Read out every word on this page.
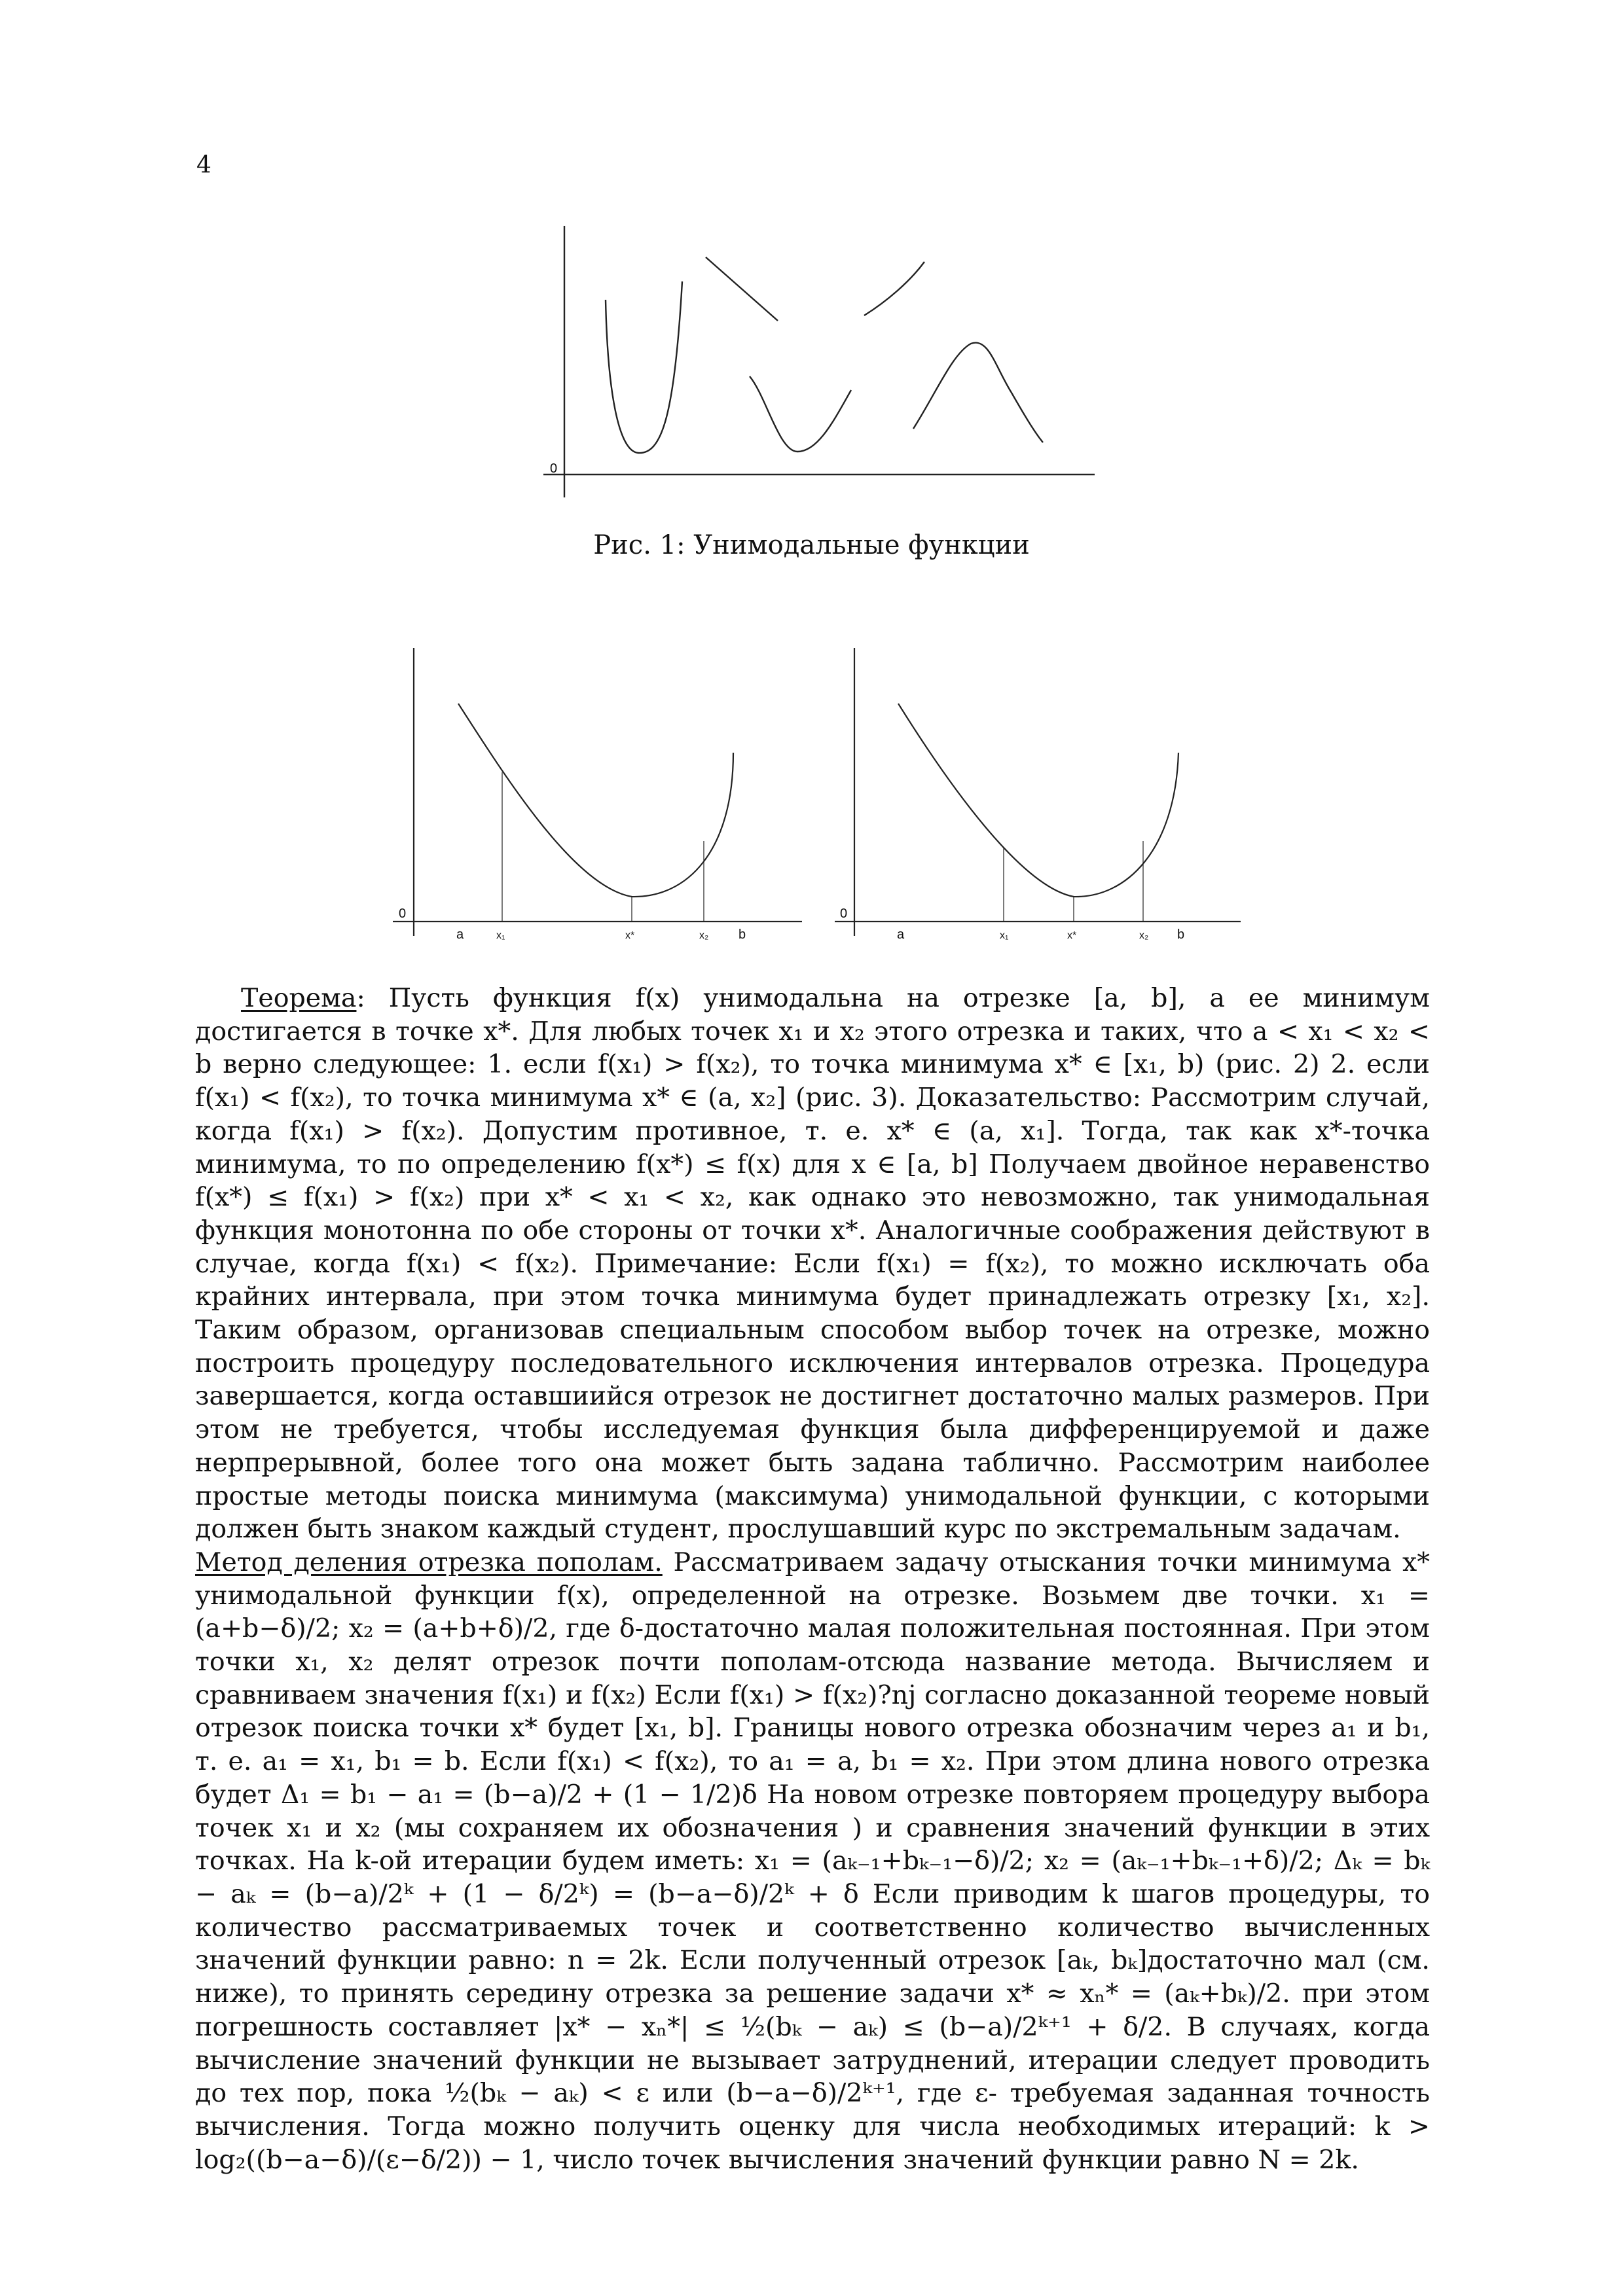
4
0
Рис. 1: Унимодальные функции
0
a	x₁	x*	x₂ b
0
a	x₁	x*	x₂ b

Теорема: Пусть функция f(x) унимодальна на отрезке [a, b], а ее минимум достигается в точке x*. Для любых точек x₁ и x₂ этого отрезка и таких, что a < x₁ < x₂ < b верно следующее: 1. если f(x₁) > f(x₂), то точка минимума x* ∈ [x₁, b) (рис. 2) 2. если f(x₁) < f(x₂), то точка минимума x* ∈ (a, x₂] (рис. 3). Доказательство: Рассмотрим случай, когда f(x₁) > f(x₂). Допустим противное, т. е. x* ∈ (a, x₁]. Тогда, так как x*-точка минимума, то по определению f(x*) ≤ f(x) для x ∈ [a, b] Получаем двойное неравенство f(x*) ≤ f(x₁) > f(x₂) при x* < x₁ < x₂, как однако это невозможно, так унимодальная функция монотонна по обе стороны от точки x*. Аналогичные соображения действуют в случае, когда f(x₁) < f(x₂). Примечание: Если f(x₁) = f(x₂), то можно исключать оба крайних интервала, при этом точка минимума будет принадлежать отрезку [x₁, x₂]. Таким образом, организовав специальным способом выбор точек на отрезке, можно построить процедуру последовательного исключения интервалов отрезка. Процедура завершается, когда оставшиийся отрезок не достигнет достаточно малых размеров. При этом не требуется, чтобы исследуемая функция была дифференцируемой и даже нерпрерывной, более того она может быть задана таблично. Рассмотрим наиболее простые методы поиска минимума (максимума) унимодальной функции, с которыми должен быть знаком каждый студент, прослушавший курс по экстремальным задачам.

Метод деления отрезка пополам. Рассматриваем задачу отыскания точки минимума x* унимодальной функции f(x), определенной на отрезке. Возьмем две точки. x₁ = (a+b−δ)/2; x₂ = (a+b+δ)/2, где δ-достаточно малая положительная постоянная. При этом точки x₁, x₂ делят отрезок почти пополам-отсюда название метода. Вычисляем и сравниваем значения f(x₁) и f(x₂) Если f(x₁) > f(x₂)?nj согласно доказанной теореме новый отрезок поиска точки x* будет [x₁, b]. Границы нового отрезка обозначим через a₁ и b₁, т. е. a₁ = x₁, b₁ = b. Если f(x₁) < f(x₂), то a₁ = a, b₁ = x₂. При этом длина нового отрезка будет Δ₁ = b₁ − a₁ = (b−a)/2 + (1 − 1/2)δ На новом отрезке повторяем процедуру выбора точек x₁ и x₂ (мы сохраняем их обозначения ) и сравнения значений функции в этих точках. На k-ой итерации будем иметь: x₁ = (aₖ₋₁+bₖ₋₁−δ)/2; x₂ = (aₖ₋₁+bₖ₋₁+δ)/2; Δₖ = bₖ − aₖ = (b−a)/2ᵏ + (1 − δ/2ᵏ) = (b−a−δ)/2ᵏ + δ Если приводим k шагов процедуры, то количество рассматриваемых точек и соответственно количество вычисленных значений функции равно: n = 2k. Если полученный отрезок [aₖ, bₖ]достаточно мал (см. ниже), то принять середину отрезка за решение задачи x* ≈ xₙ* = (aₖ+bₖ)/2. при этом погрешность составляет |x* − xₙ*| ≤ ½(bₖ − aₖ) ≤ (b−a)/2ᵏ⁺¹ + δ/2. В случаях, когда вычисление значений функции не вызывает затруднений, итерации следует проводить до тех пор, пока ½(bₖ − aₖ) < ε или (b−a−δ)/2ᵏ⁺¹, где ε- требуемая заданная точность вычисления. Тогда можно получить оценку для числа необходимых итераций: k > log₂((b−a−δ)/(ε−δ/2)) − 1, число точек вычисления значений функции равно N = 2k.
